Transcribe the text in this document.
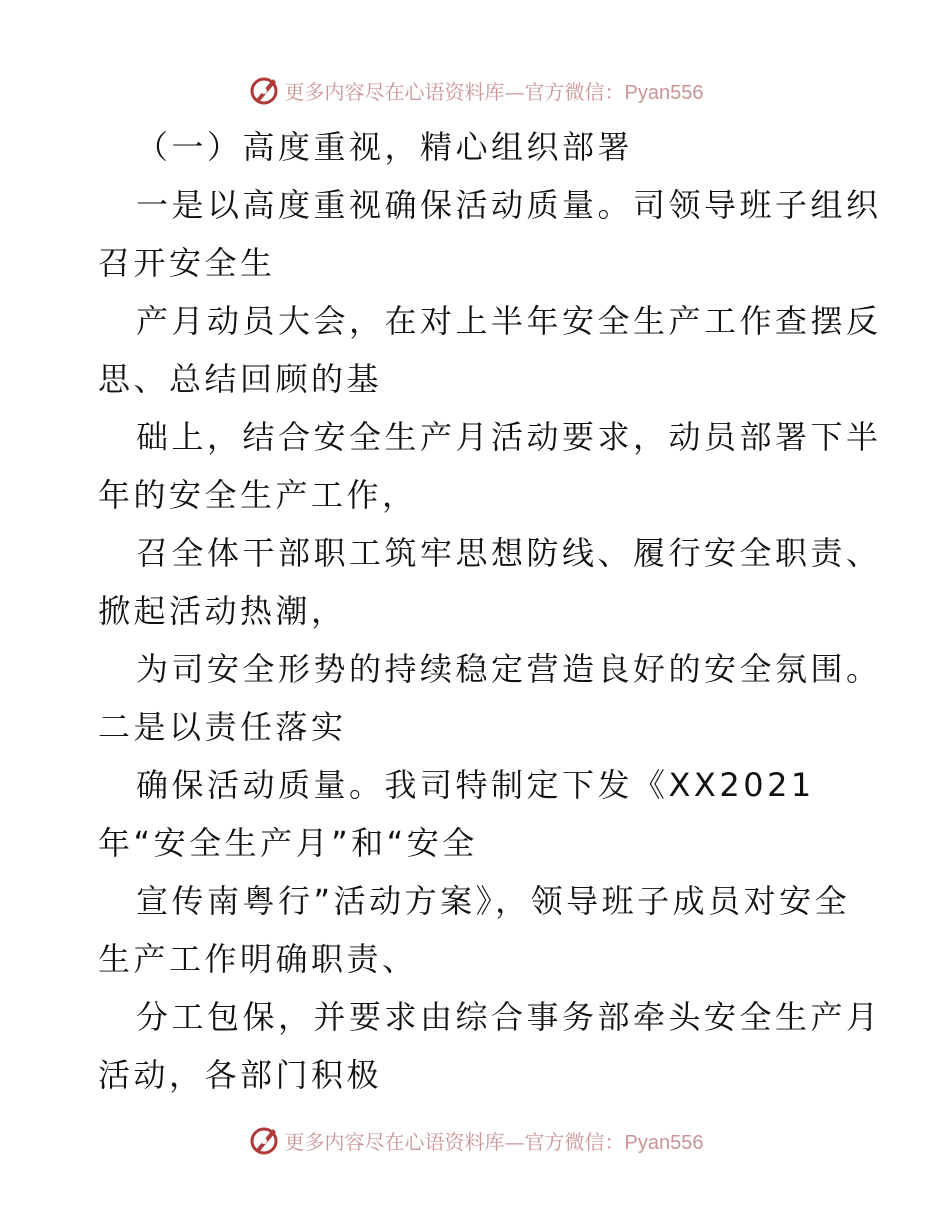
更多内容尽在心语资料库—官方微信：Pyan556
（一）高度重视，精心组织部署
一是以高度重视确保活动质量。司领导班子组织
召开安全生
产月动员大会，在对上半年安全生产工作查摆反
思、总结回顾的基
础上，结合安全生产月活动要求，动员部署下半
年的安全生产工作，
召全体干部职工筑牢思想防线、履行安全职责、
掀起活动热潮，
为司安全形势的持续稳定营造良好的安全氛围。
二是以责任落实
确保活动质量。我司特制定下发《XX2021
年“安全生产月”和“安全
宣传南粤行”活动方案》，领导班子成员对安全
生产工作明确职责、
分工包保，并要求由综合事务部牵头安全生产月
活动，各部门积极
更多内容尽在心语资料库—官方微信：Pyan556
